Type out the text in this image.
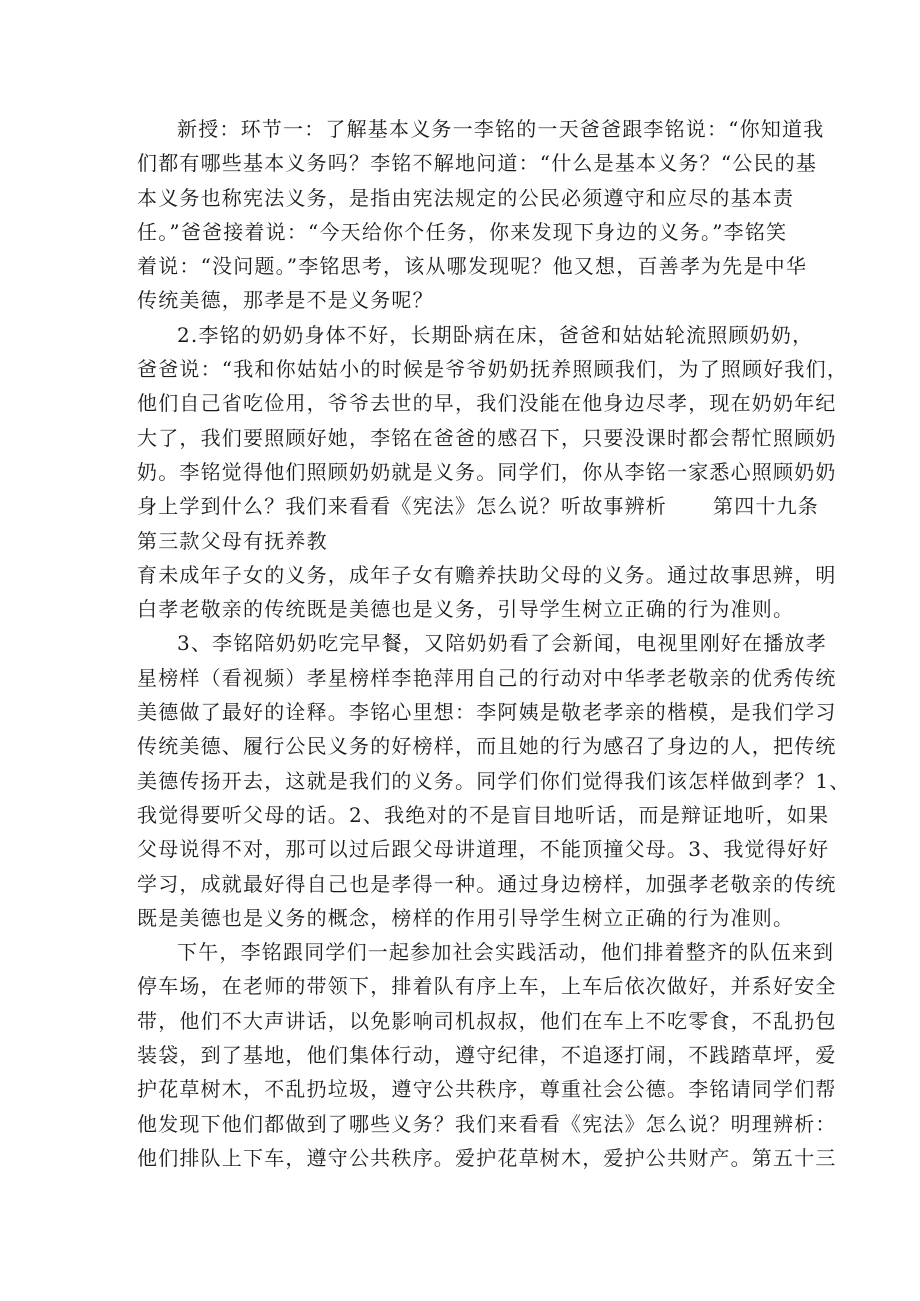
新授：环节一：了解基本义务一李铭的一天爸爸跟李铭说：“你知道我
们都有哪些基本义务吗？李铭不解地问道：“什么是基本义务？“公民的基
本义务也称宪法义务，是指由宪法规定的公民必须遵守和应尽的基本责
任。”爸爸接着说：“今天给你个任务，你来发现下身边的义务。”李铭笑
着说：“没问题。”李铭思考，该从哪发现呢？他又想，百善孝为先是中华
传统美德，那孝是不是义务呢？
2.李铭的奶奶身体不好，长期卧病在床，爸爸和姑姑轮流照顾奶奶，
爸爸说：“我和你姑姑小的时候是爷爷奶奶抚养照顾我们，为了照顾好我们，
他们自己省吃俭用，爷爷去世的早，我们没能在他身边尽孝，现在奶奶年纪
大了，我们要照顾好她，李铭在爸爸的感召下，只要没课时都会帮忙照顾奶
奶。李铭觉得他们照顾奶奶就是义务。同学们，你从李铭一家悉心照顾奶奶
身上学到什么？我们来看看《宪法》怎么说？听故事辨析 第四十九条
第三款父母有抚养教
育未成年子女的义务，成年子女有赡养扶助父母的义务。通过故事思辨，明
白孝老敬亲的传统既是美德也是义务，引导学生树立正确的行为准则。
3、李铭陪奶奶吃完早餐，又陪奶奶看了会新闻，电视里刚好在播放孝
星榜样（看视频）孝星榜样李艳萍用自己的行动对中华孝老敬亲的优秀传统
美德做了最好的诠释。李铭心里想：李阿姨是敬老孝亲的楷模，是我们学习
传统美德、履行公民义务的好榜样，而且她的行为感召了身边的人，把传统
美德传扬开去，这就是我们的义务。同学们你们觉得我们该怎样做到孝？1、
我觉得要听父母的话。2、我绝对的不是盲目地听话，而是辩证地听，如果
父母说得不对，那可以过后跟父母讲道理，不能顶撞父母。3、我觉得好好
学习，成就最好得自己也是孝得一种。通过身边榜样，加强孝老敬亲的传统
既是美德也是义务的概念，榜样的作用引导学生树立正确的行为准则。
下午，李铭跟同学们一起参加社会实践活动，他们排着整齐的队伍来到
停车场，在老师的带领下，排着队有序上车，上车后依次做好，并系好安全
带，他们不大声讲话，以免影响司机叔叔，他们在车上不吃零食，不乱扔包
装袋，到了基地，他们集体行动，遵守纪律，不追逐打闹，不践踏草坪，爱
护花草树木，不乱扔垃圾，遵守公共秩序，尊重社会公德。李铭请同学们帮
他发现下他们都做到了哪些义务？我们来看看《宪法》怎么说？明理辨析：
他们排队上下车，遵守公共秩序。爱护花草树木，爱护公共财产。第五十三
